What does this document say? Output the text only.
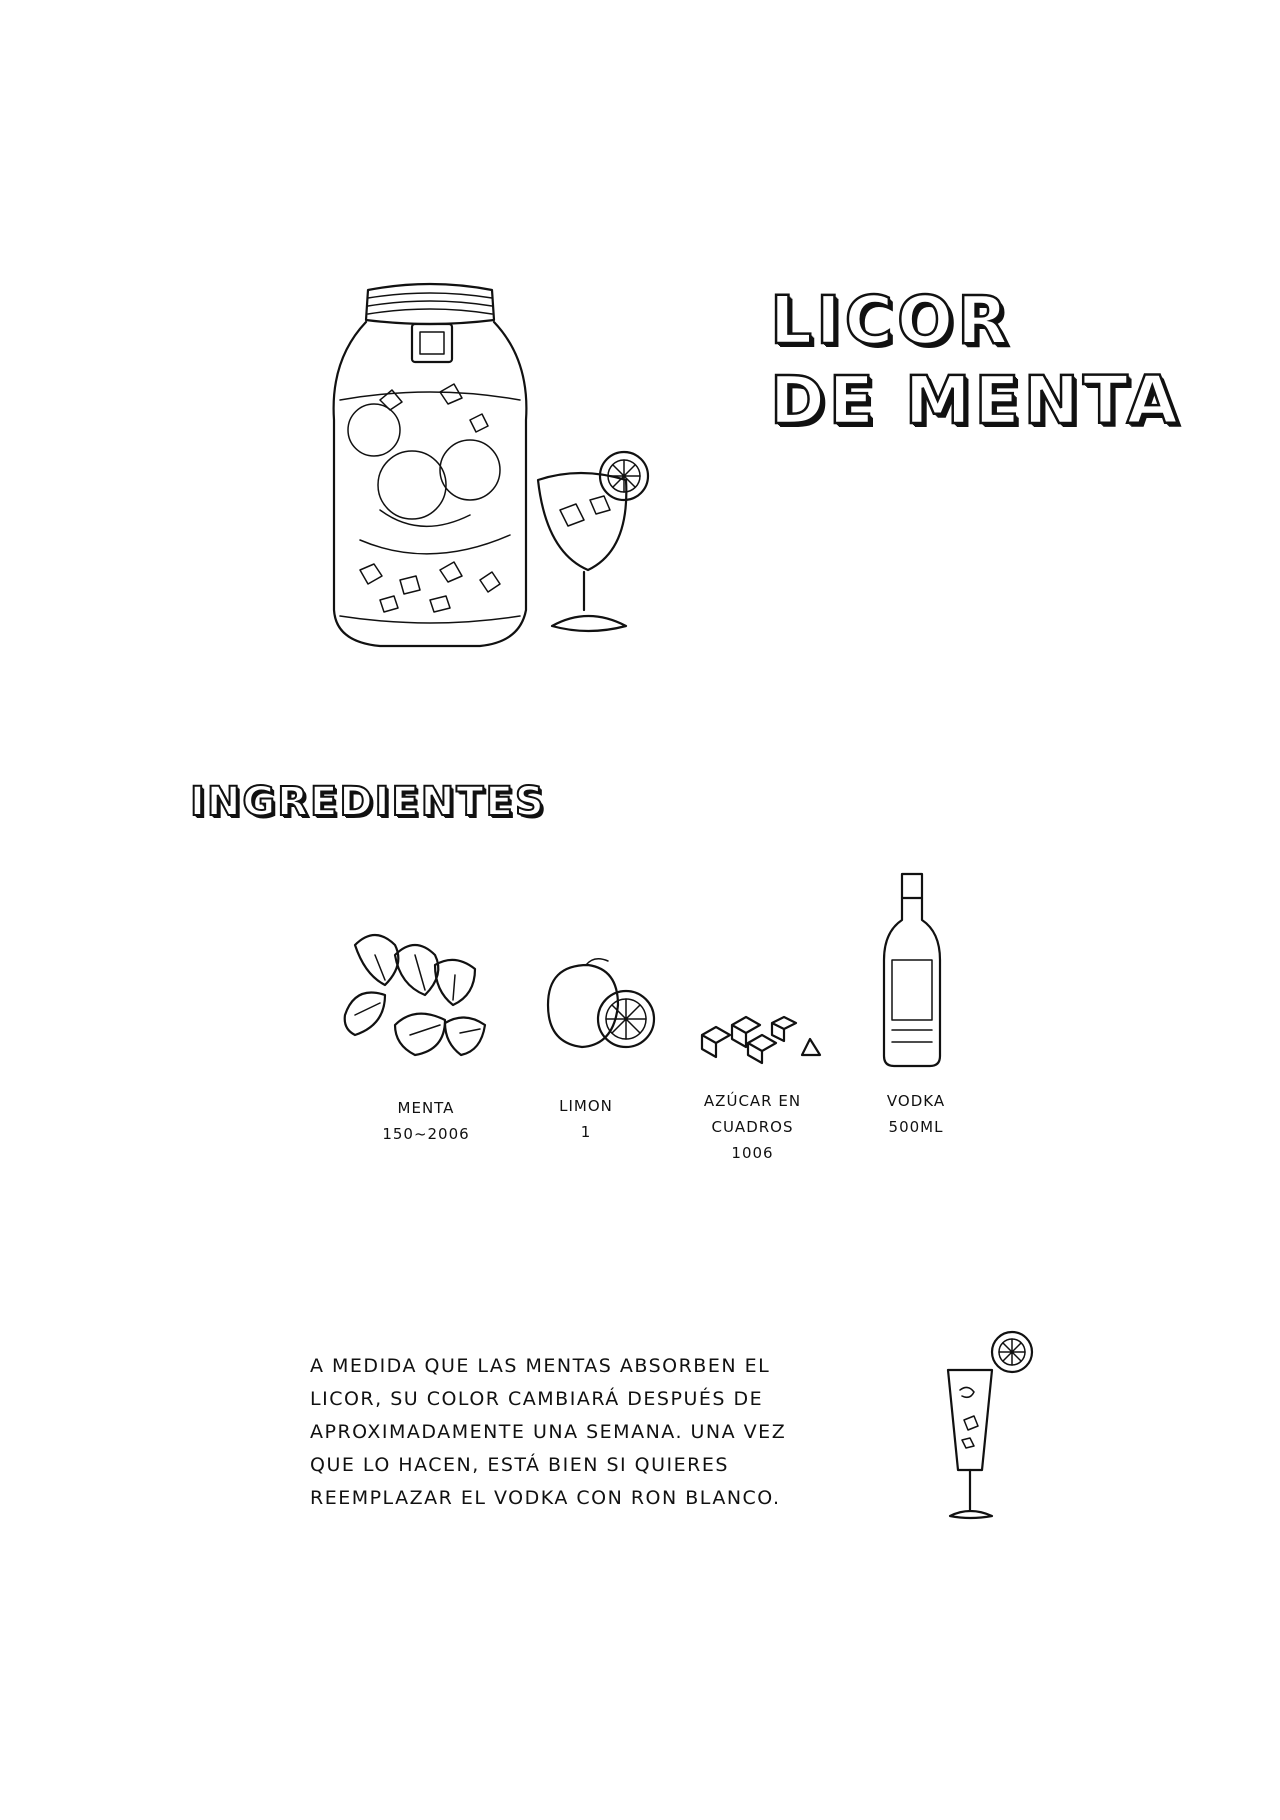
LICOR
DE MENTA
INGREDIENTES
MENTA
150~2006
LIMON
1
AZÚCAR EN
CUADROS
1006
VODKA
500ML
A MEDIDA QUE LAS MENTAS ABSORBEN EL LICOR, SU COLOR CAMBIARÁ DESPUÉS DE APROXIMADAMENTE UNA SEMANA. UNA VEZ QUE LO HACEN, ESTÁ BIEN SI QUIERES REEMPLAZAR EL VODKA CON RON BLANCO.
